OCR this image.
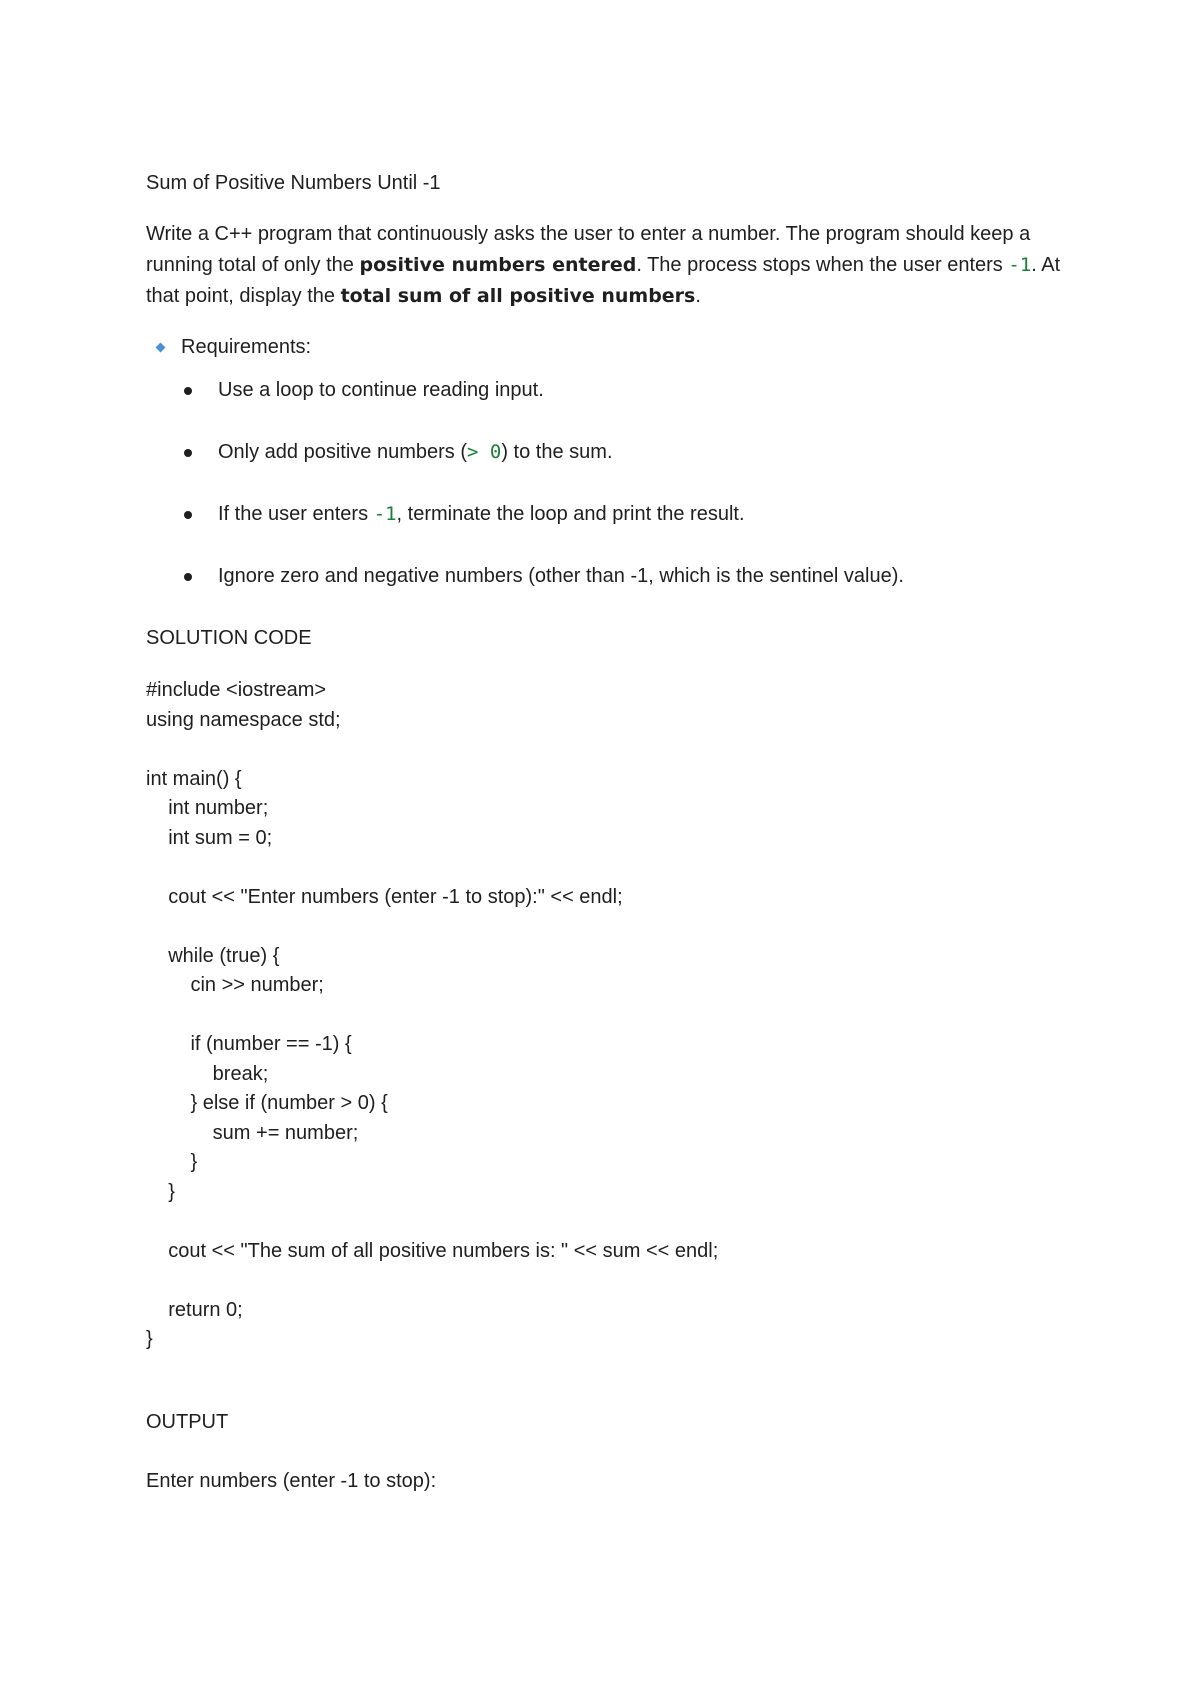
Sum of Positive Numbers Until -1

Write a C++ program that continuously asks the user to enter a number. The program should keep a running total of only the positive numbers entered. The process stops when the user enters -1. At that point, display the total sum of all positive numbers.

Requirements:
Use a loop to continue reading input.
Only add positive numbers (> 0) to the sum.
If the user enters -1, terminate the loop and print the result.
Ignore zero and negative numbers (other than -1, which is the sentinel value).

SOLUTION CODE

#include <iostream>
using namespace std;

int main() {
int number;
int sum = 0;

cout << "Enter numbers (enter -1 to stop):" << endl;

while (true) {
cin >> number;

if (number == -1) {
break;
} else if (number > 0) {
sum += number;
}
}

cout << "The sum of all positive numbers is: " << sum << endl;

return 0;
}

OUTPUT

Enter numbers (enter -1 to stop):
